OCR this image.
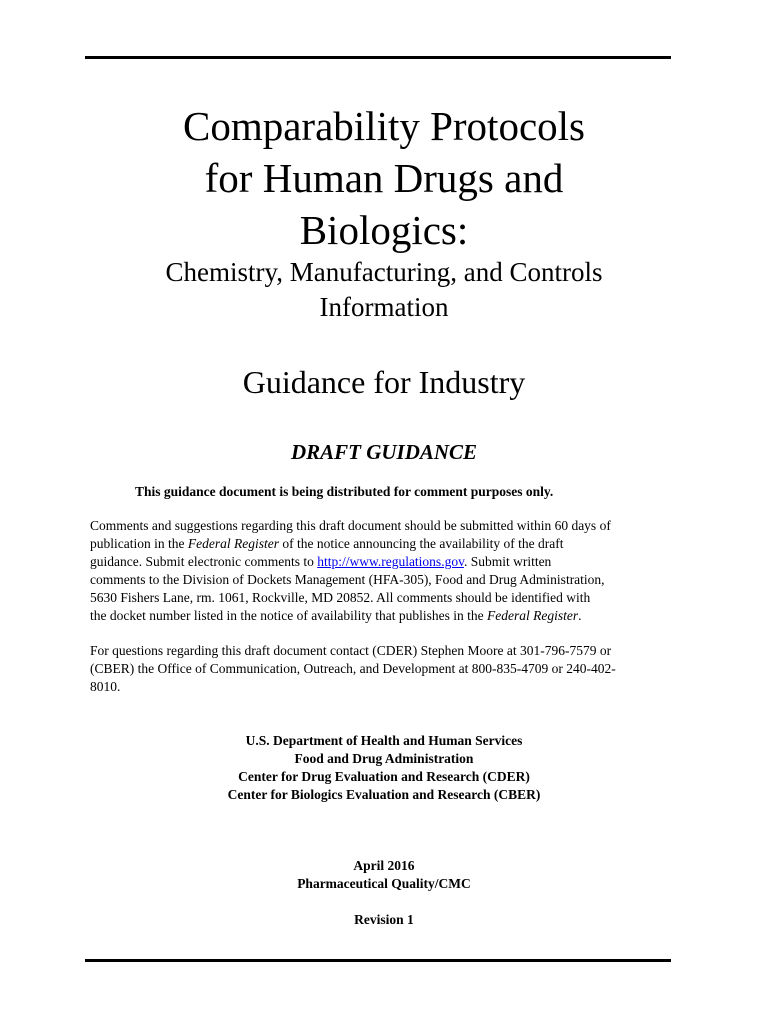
Comparability Protocols
for Human Drugs and
Biologics:
Chemistry, Manufacturing, and Controls
Information
Guidance for Industry
DRAFT GUIDANCE

This guidance document is being distributed for comment purposes only.

Comments and suggestions regarding this draft document should be submitted within 60 days of
publication in the Federal Register of the notice announcing the availability of the draft
guidance. Submit electronic comments to http://www.regulations.gov. Submit written
comments to the Division of Dockets Management (HFA-305), Food and Drug Administration,
5630 Fishers Lane, rm. 1061, Rockville, MD 20852. All comments should be identified with
the docket number listed in the notice of availability that publishes in the Federal Register.

For questions regarding this draft document contact (CDER) Stephen Moore at 301-796-7579 or
(CBER) the Office of Communication, Outreach, and Development at 800-835-4709 or 240-402-
8010.

U.S. Department of Health and Human Services
Food and Drug Administration
Center for Drug Evaluation and Research (CDER)
Center for Biologics Evaluation and Research (CBER)

April 2016
Pharmaceutical Quality/CMC

Revision 1
